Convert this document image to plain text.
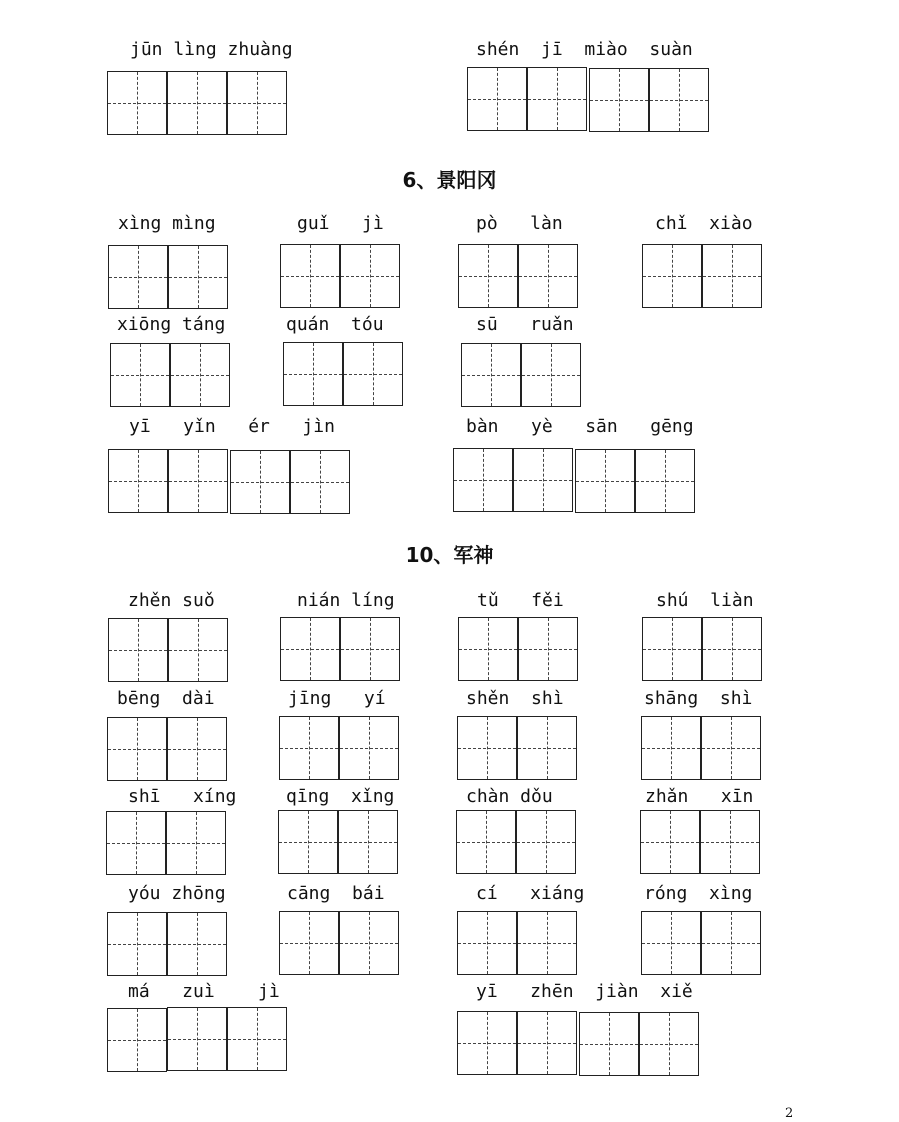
jūn lìng zhuàng	shén  jī  miào  suàn
6、景阳冈
xìng mìng	guǐ   jì	pò   làn	chǐ  xiào
xiōng táng	quán  tóu	sū   ruǎn
yī   yǐn   ér   jìn	bàn   yè   sān   gēng
10、军神
zhěn suǒ	nián líng	tǔ   fěi	shú  liàn
bēng  dài	jīng   yí	shěn  shì	shāng  shì
shī   xíng	qīng  xǐng	chàn dǒu	zhǎn   xīn
yóu zhōng	cāng  bái	cí   xiáng	róng  xìng
má   zuì    jì	yī   zhēn  jiàn  xiě
2
